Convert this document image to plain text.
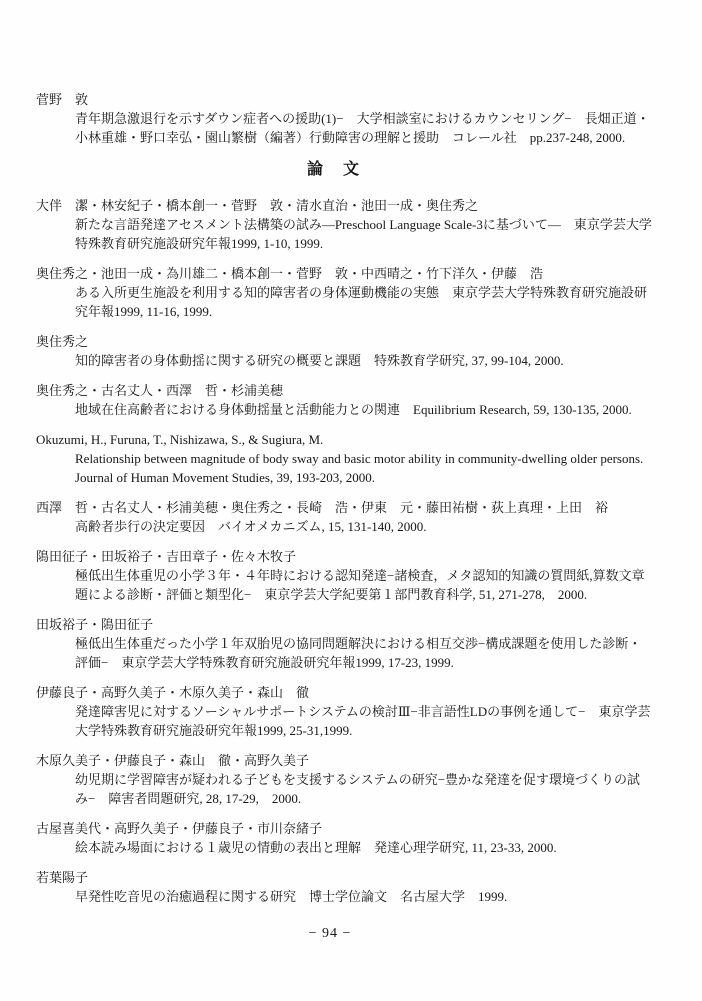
菅野　敦
青年期急激退行を示すダウン症者への援助(1)−　大学相談室におけるカウンセリング−　長畑正道・小林重雄・野口幸弘・園山繁樹（編著）行動障害の理解と援助　コレール社　pp.237-248, 2000.
論　文
大伴　潔・林安紀子・橋本創一・菅野　敦・清水直治・池田一成・奥住秀之
新たな言語発達アセスメント法構築の試み—Preschool Language Scale-3に基づいて—　東京学芸大学特殊教育研究施設研究年報1999, 1-10, 1999.
奥住秀之・池田一成・為川雄二・橋本創一・菅野　敦・中西晴之・竹下洋久・伊藤　浩
ある入所更生施設を利用する知的障害者の身体運動機能の実態　東京学芸大学特殊教育研究施設研究年報1999, 11-16, 1999.
奥住秀之
知的障害者の身体動揺に関する研究の概要と課題　特殊教育学研究, 37, 99-104, 2000.
奥住秀之・古名丈人・西澤　哲・杉浦美穂
地域在住高齢者における身体動揺量と活動能力との関連　Equilibrium Research, 59, 130-135, 2000.
Okuzumi, H., Furuna, T., Nishizawa, S., & Sugiura, M.
Relationship between magnitude of body sway and basic motor ability in community-dwelling older persons. Journal of Human Movement Studies, 39, 193-203, 2000.
西澤　哲・古名丈人・杉浦美穂・奥住秀之・長崎　浩・伊東　元・藤田祐樹・荻上真理・上田　裕
高齢者歩行の決定要因　バイオメカニズム, 15, 131-140, 2000.
隝田征子・田坂裕子・吉田章子・佐々木牧子
極低出生体重児の小学３年・４年時における認知発達−諸検査，メタ認知的知識の質問紙,算数文章題による診断・評価と類型化−　東京学芸大学紀要第１部門教育科学, 51, 271-278,　2000.
田坂裕子・隝田征子
極低出生体重だった小学１年双胎児の協同問題解決における相互交渉−構成課題を使用した診断・評価−　東京学芸大学特殊教育研究施設研究年報1999, 17-23, 1999.
伊藤良子・高野久美子・木原久美子・森山　徹
発達障害児に対するソーシャルサポートシステムの検討Ⅲ−非言語性LDの事例を通して−　東京学芸大学特殊教育研究施設研究年報1999, 25-31,1999.
木原久美子・伊藤良子・森山　徹・高野久美子
幼児期に学習障害が疑われる子どもを支援するシステムの研究−豊かな発達を促す環境づくりの試み−　障害者問題研究, 28, 17-29,　2000.
古屋喜美代・高野久美子・伊藤良子・市川奈緒子
絵本読み場面における１歳児の情動の表出と理解　発達心理学研究, 11, 23-33, 2000.
若葉陽子
早発性吃音児の治癒過程に関する研究　博士学位論文　名古屋大学　1999.
− 94 −
